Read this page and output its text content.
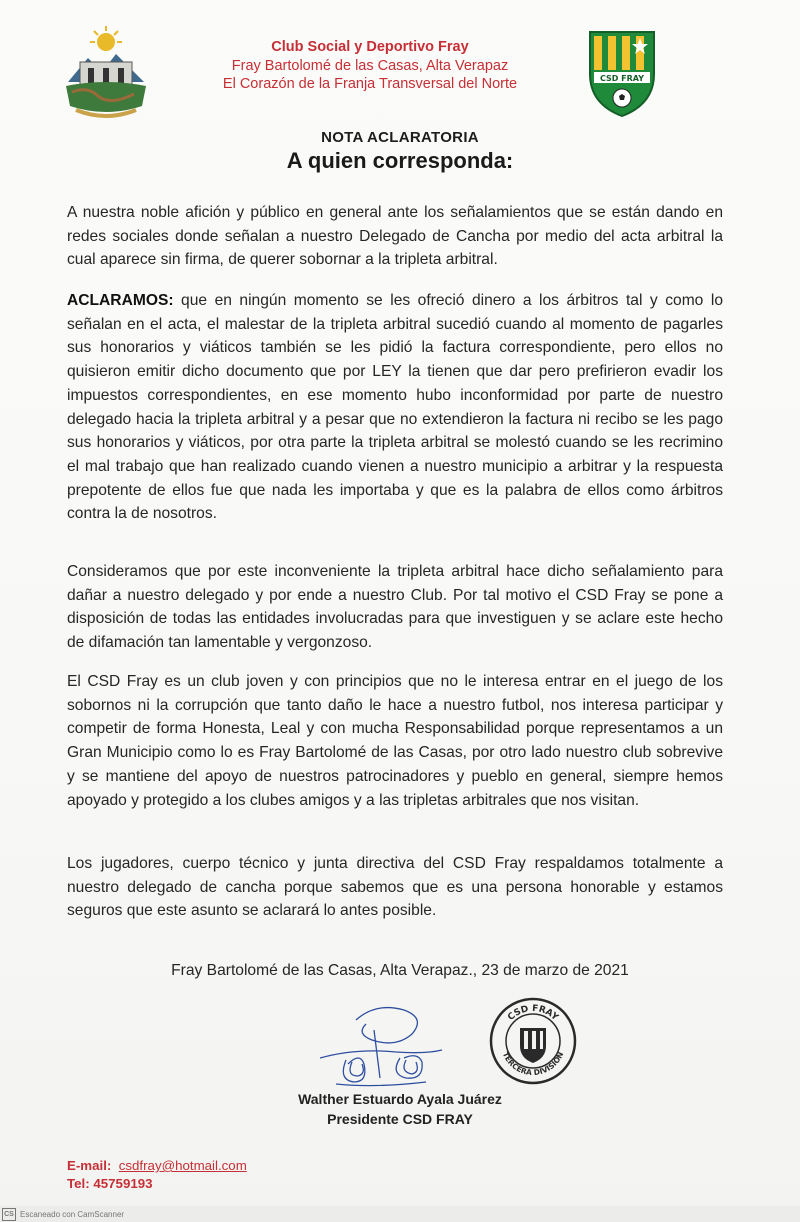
Club Social y Deportivo Fray
Fray Bartolomé de las Casas, Alta Verapaz
El Corazón de la Franja Transversal del Norte	CSD FRAY
NOTA ACLARATORIA
A quien corresponda:
A nuestra noble afición y público en general ante los señalamientos que se están dando en redes sociales donde señalan a nuestro Delegado de Cancha por medio del acta arbitral la cual aparece sin firma, de querer sobornar a la tripleta arbitral.
ACLARAMOS: que en ningún momento se les ofreció dinero a los árbitros tal y como lo señalan en el acta, el malestar de la tripleta arbitral sucedió cuando al momento de pagarles sus honorarios y viáticos también se les pidió la factura correspondiente, pero ellos no quisieron emitir dicho documento que por LEY la tienen que dar pero prefirieron evadir los impuestos correspondientes, en ese momento hubo inconformidad por parte de nuestro delegado hacia la tripleta arbitral y a pesar que no extendieron la factura ni recibo se les pago sus honorarios y viáticos, por otra parte la tripleta arbitral se molestó cuando se les recrimino el mal trabajo que han realizado cuando vienen a nuestro municipio a arbitrar y la respuesta prepotente de ellos fue que nada les importaba y que es la palabra de ellos como árbitros contra la de nosotros.
Consideramos que por este inconveniente la tripleta arbitral hace dicho señalamiento para dañar a nuestro delegado y por ende a nuestro Club. Por tal motivo el CSD Fray se pone a disposición de todas las entidades involucradas para que investiguen y se aclare este hecho de difamación tan lamentable y vergonzoso.
El CSD Fray es un club joven y con principios que no le interesa entrar en el juego de los sobornos ni la corrupción que tanto daño le hace a nuestro futbol, nos interesa participar y competir de forma Honesta, Leal y con mucha Responsabilidad porque representamos a un Gran Municipio como lo es Fray Bartolomé de las Casas, por otro lado nuestro club sobrevive y se mantiene del apoyo de nuestros patrocinadores y pueblo en general, siempre hemos apoyado y protegido a los clubes amigos y a las tripletas arbitrales que nos visitan.
Los jugadores, cuerpo técnico y junta directiva del CSD Fray respaldamos totalmente a nuestro delegado de cancha porque sabemos que es una persona honorable y estamos seguros que este asunto se aclarará lo antes posible.
Fray Bartolomé de las Casas, Alta Verapaz., 23 de marzo de 2021
CSD FRAY
TERCERA DIVISION
Walther Estuardo Ayala Juárez
Presidente CSD FRAY
E-mail: csdfray@hotmail.com
Tel: 45759193
CS Escaneado con CamScanner
